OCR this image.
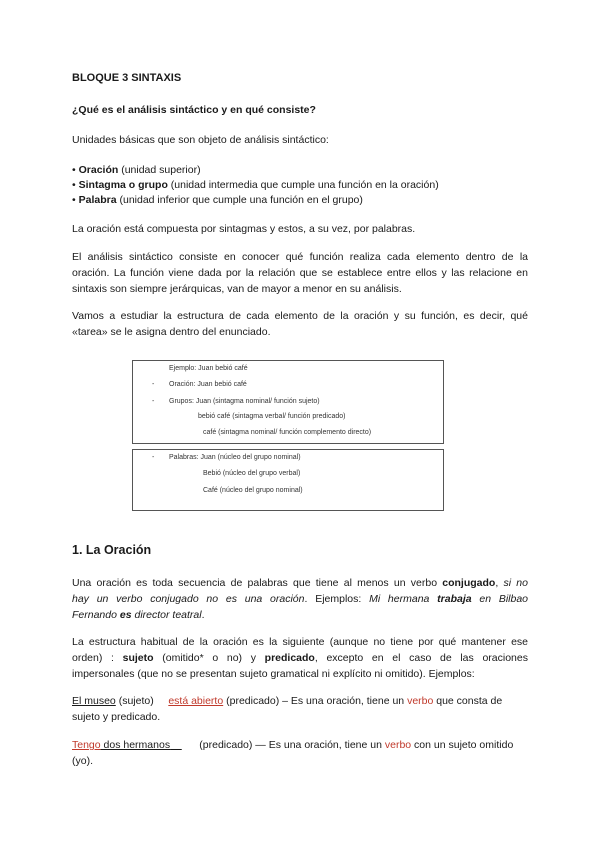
BLOQUE 3 SINTAXIS
¿Qué es el análisis sintáctico y en qué consiste?
Unidades básicas que son objeto de análisis sintáctico:
• Oración (unidad superior)
• Sintagma o grupo (unidad intermedia que cumple una función en la oración)
• Palabra (unidad inferior que cumple una función en el grupo)
La oración está compuesta por sintagmas y estos, a su vez, por palabras.
El análisis sintáctico consiste en conocer qué función realiza cada elemento dentro de la
oración. La función viene dada por la relación que se establece entre ellos y las relacione en
sintaxis son siempre jerárquicas, van de mayor a menor en su análisis.
Vamos a estudiar la estructura de cada elemento de la oración y su función, es decir, qué
«tarea» se le asigna dentro del enunciado.
Ejemplo: Juan bebió café
- Oración: Juan bebió café
- Grupos: Juan (sintagma nominal/ función sujeto)
bebió café (sintagma verbal/ función predicado)
café (sintagma nominal/ función complemento directo)
- Palabras: Juan (núcleo del grupo nominal)
Bebió (núcleo del grupo verbal)
Café (núcleo del grupo nominal)
1. La Oración
Una oración es toda secuencia de palabras que tiene al menos un verbo conjugado, si no
hay un verbo conjugado no es una oración. Ejemplos: Mi hermana trabaja en Bilbao
Fernando es director teatral.
La estructura habitual de la oración es la siguiente (aunque no tiene por qué mantener ese
orden) : sujeto (omitido* o no) y predicado, excepto en el caso de las oraciones
impersonales (que no se presentan sujeto gramatical ni explícito ni omitido). Ejemplos:
El museo (sujeto) está abierto (predicado) – Es una oración, tiene un verbo que consta de
sujeto y predicado.
Tengo dos hermanos	(predicado) — Es una oración, tiene un verbo con un sujeto omitido
(yo).
